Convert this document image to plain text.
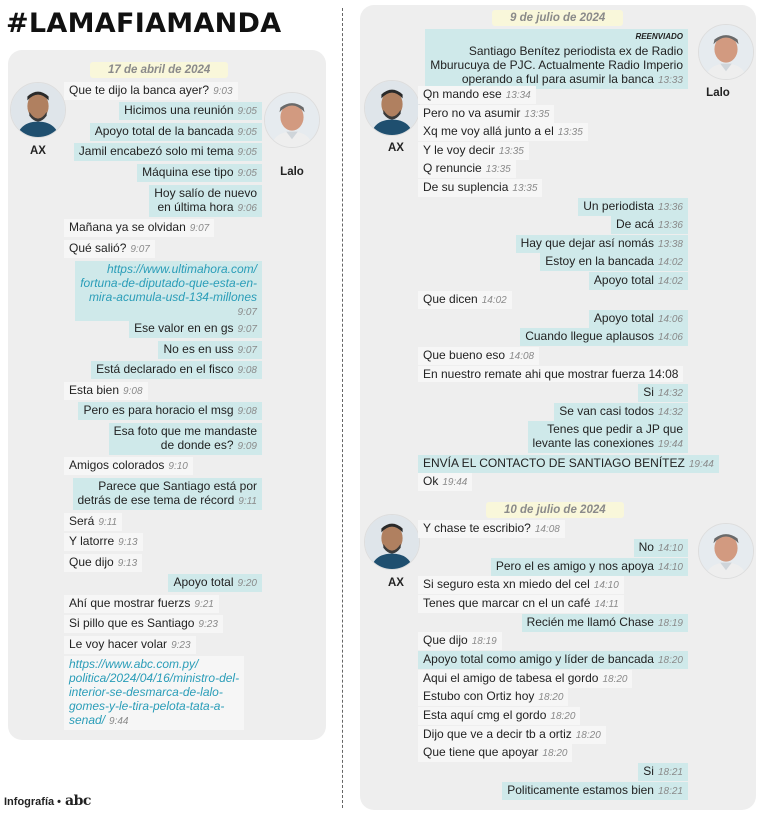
#LAMAFIAMANDA
17 de abril de 2024
AX
Lalo
Que te dijo la banca ayer? 9:03
Hicimos una reunión 9:05
Apoyo total de la bancada 9:05
Jamil encabezó solo mi tema 9:05
Máquina ese tipo 9:05
Hoy salío de nuevo
en última hora 9:06
Mañana ya se olvidan 9:07
Qué salió? 9:07
https://www.ultimahora.com/
fortuna-de-diputado-que-esta-en-
mira-acumula-usd-134-millones
9:07
Ese valor en en gs 9:07
No es en uss 9:07
Está declarado en el fisco 9:08
Esta bien 9:08
Pero es para horacio el msg 9:08
Esa foto que me mandaste
de donde es? 9:09
Amigos colorados 9:10
Parece que Santiago está por
detrás de ese tema de récord 9:11
Será 9:11
Y latorre 9:13
Que dijo 9:13
Apoyo total 9:20
Ahí que mostrar fuerzs 9:21
Si pillo que es Santiago 9:23
Le voy hacer volar 9:23
https://www.abc.com.py/
politica/2024/04/16/ministro-del-
interior-se-desmarca-de-lalo-
gomes-y-le-tira-pelota-tata-a-
senad/ 9:44
9 de julio de 2024
Lalo
AX
REENVIADO
Santiago Benítez periodista ex de Radio
Mburucuya de PJC. Actualmente Radio Imperio
operando a ful para asumir la banca 13:33
Qn mando ese 13:34
Pero no va asumir 13:35
Xq me voy allá junto a el 13:35
Y le voy decir 13:35
Q renuncie 13:35
De su suplencia 13:35
Un periodista 13:36
De acá 13:36
Hay que dejar así nomás 13:38
Estoy en la bancada 14:02
Apoyo total 14:02
Que dicen 14:02
Apoyo total 14:06
Cuando llegue aplausos 14:06
Que bueno eso 14:08
En nuestro remate ahi que mostrar fuerza 14:08
Si 14:32
Se van casi todos 14:32
Tenes que pedir a JP que
levante las conexiones 19:44
ENVÍA EL CONTACTO DE SANTIAGO BENÍTEZ 19:44
Ok 19:44
10 de julio de 2024
AX
Y chase te escribio? 14:08
No 14:10
Pero el es amigo y nos apoya 14:10
Si seguro esta xn miedo del cel 14:10
Tenes que marcar cn el un café 14:11
Recién me llamó Chase 18:19
Que dijo 18:19
Apoyo total como amigo y líder de bancada 18:20
Aqui el amigo de tabesa el gordo 18:20
Estubo con Ortiz hoy 18:20
Esta aquí cmg el gordo 18:20
Dijo que ve a decir tb a ortiz 18:20
Que tiene que apoyar 18:20
Si 18:21
Politicamente estamos bien 18:21
Infografía • abc
